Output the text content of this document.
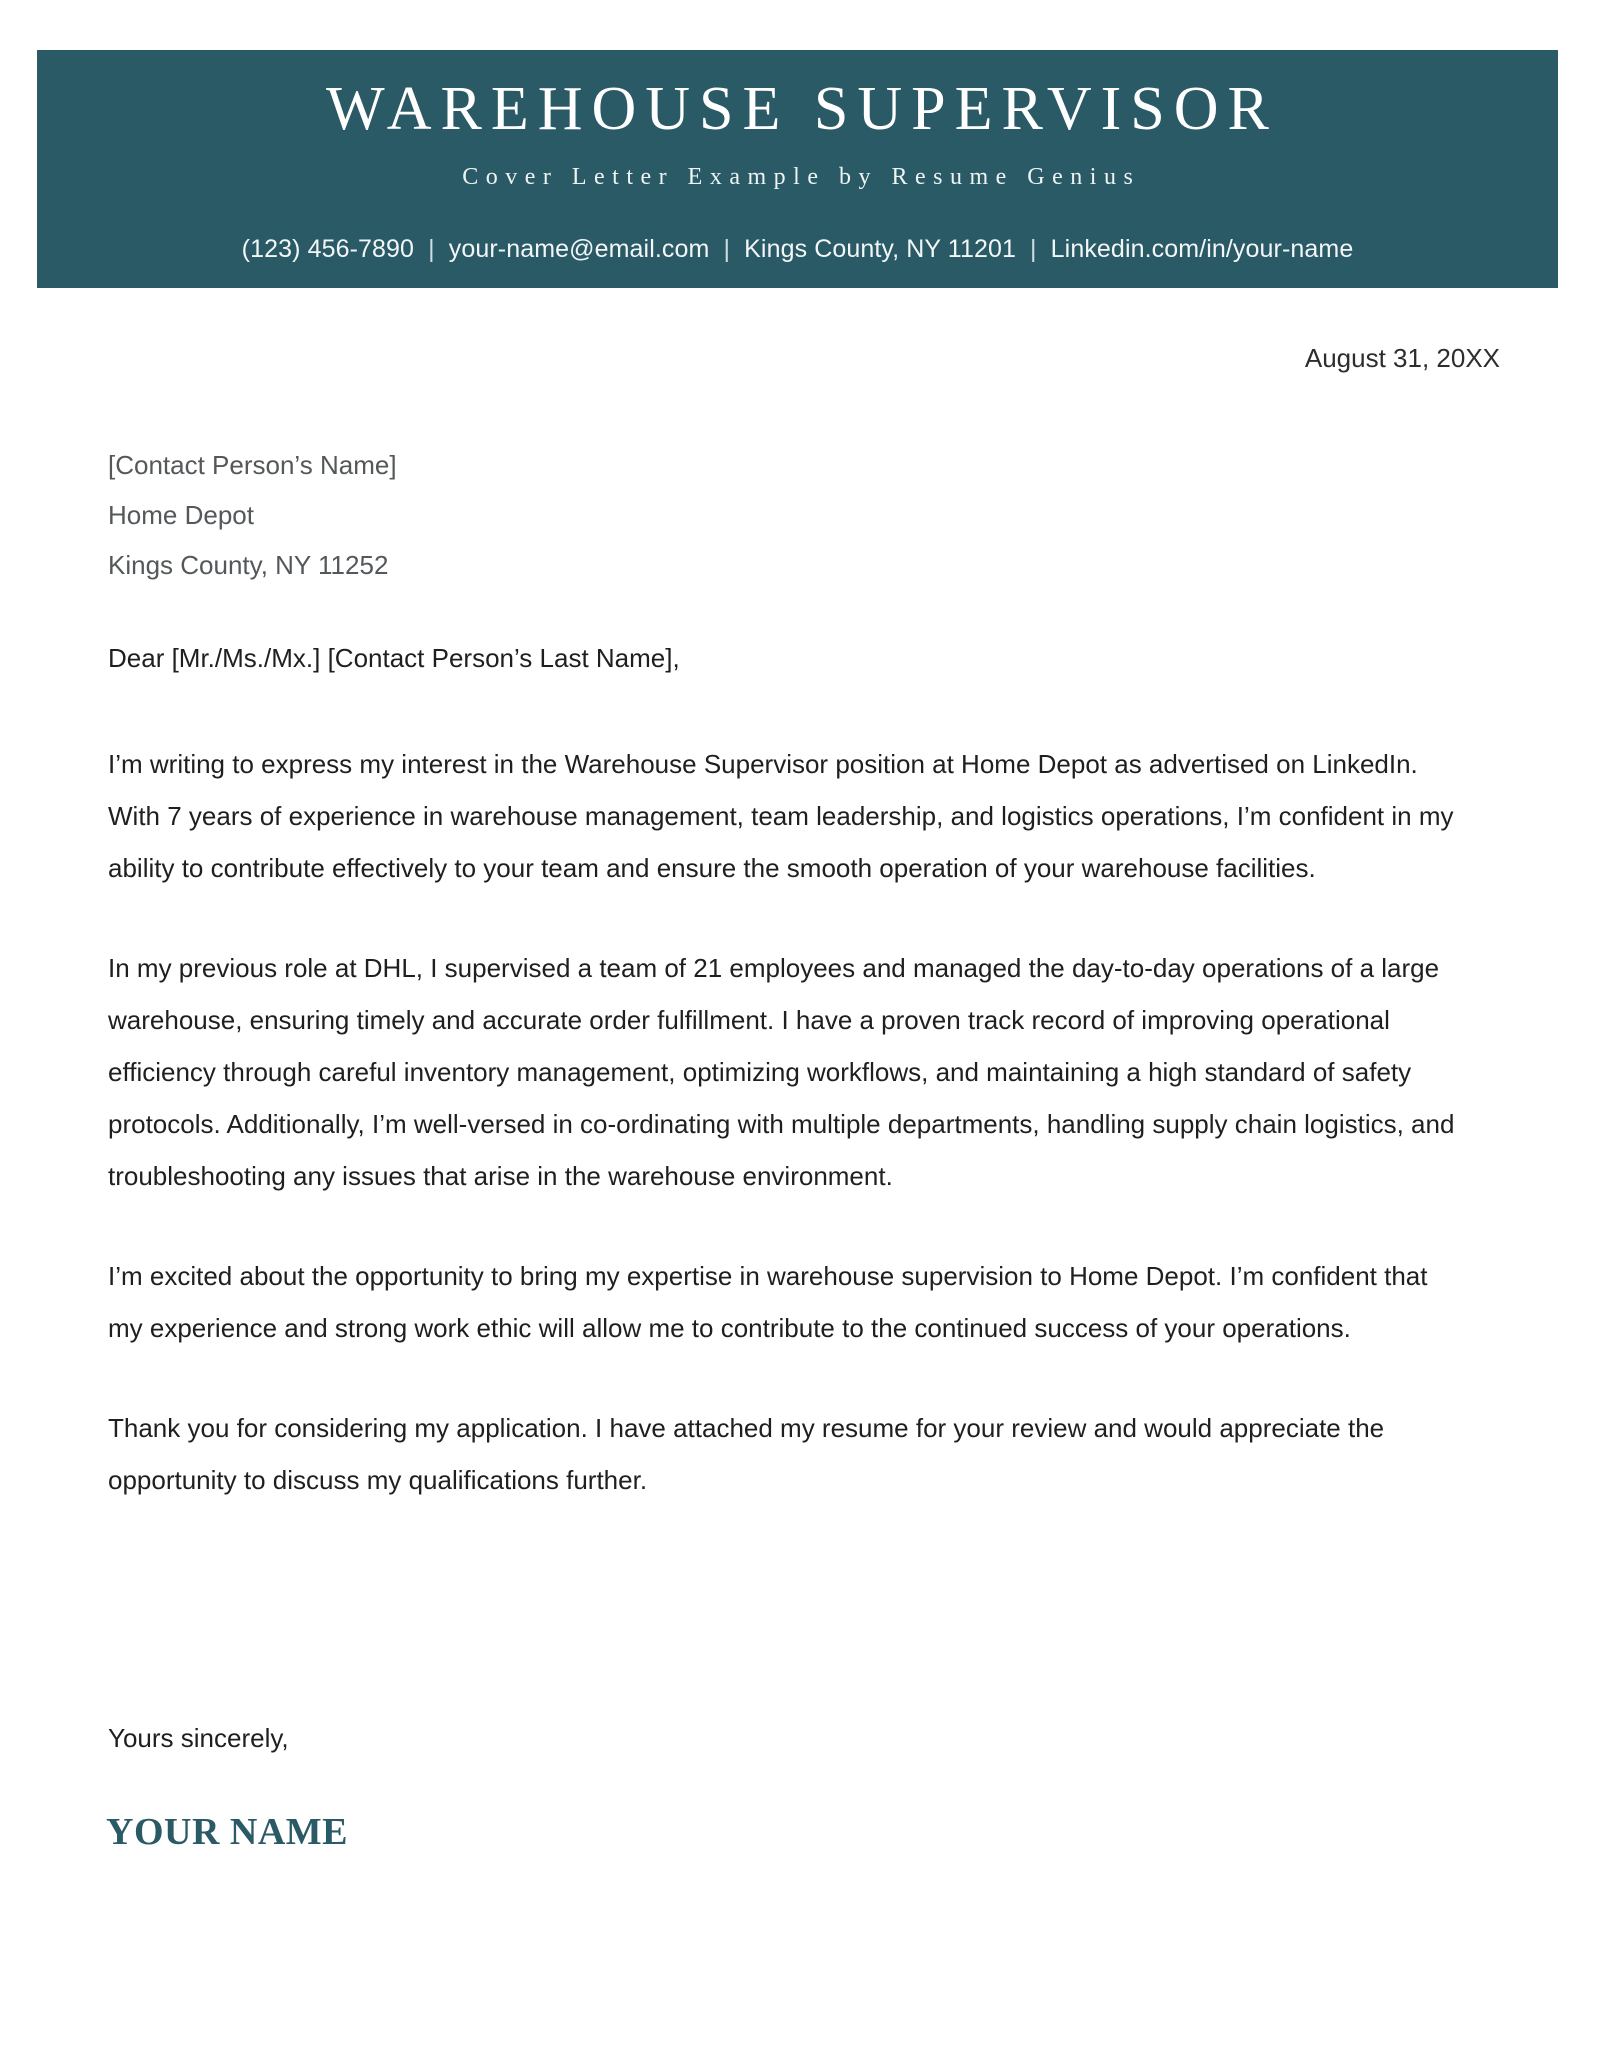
WAREHOUSE SUPERVISOR
Cover Letter Example by Resume Genius
(123) 456-7890 | your-name@email.com | Kings County, NY 11201 | Linkedin.com/in/your-name
August 31, 20XX
[Contact Person’s Name]
Home Depot
Kings County, NY 11252
Dear [Mr./Ms./Mx.] [Contact Person’s Last Name],

I’m writing to express my interest in the Warehouse Supervisor position at Home Depot as advertised on LinkedIn. With 7 years of experience in warehouse management, team leadership, and logistics operations, I’m confident in my ability to contribute effectively to your team and ensure the smooth operation of your warehouse facilities.

In my previous role at DHL, I supervised a team of 21 employees and managed the day-to-day operations of a large warehouse, ensuring timely and accurate order fulfillment. I have a proven track record of improving operational efficiency through careful inventory management, optimizing workflows, and maintaining a high standard of safety protocols. Additionally, I’m well-versed in co-ordinating with multiple departments, handling supply chain logistics, and troubleshooting any issues that arise in the warehouse environment.

I’m excited about the opportunity to bring my expertise in warehouse supervision to Home Depot. I’m confident that my experience and strong work ethic will allow me to contribute to the continued success of your operations.

Thank you for considering my application. I have attached my resume for your review and would appreciate the opportunity to discuss my qualifications further.

Yours sincerely,
YOUR NAME
